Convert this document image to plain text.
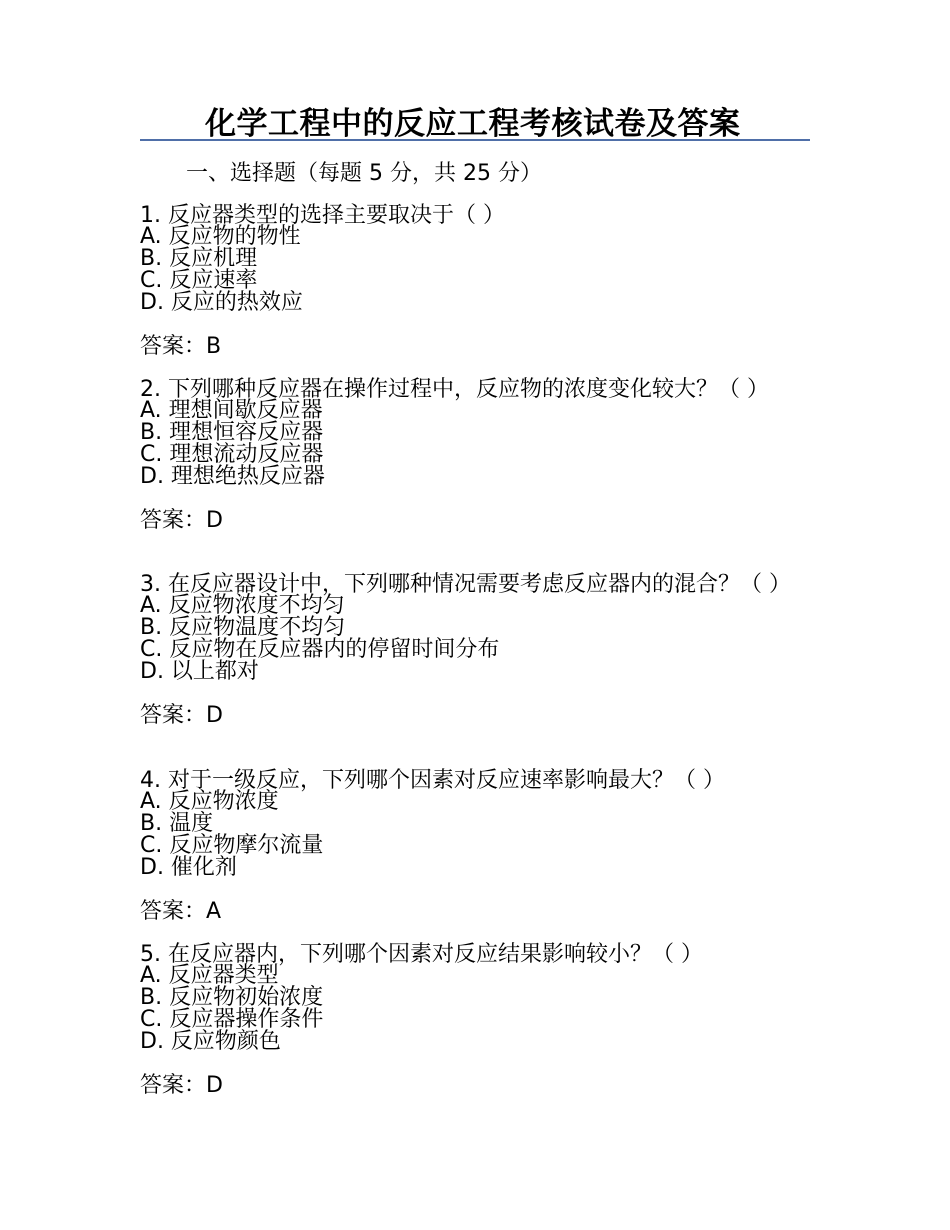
化学工程中的反应工程考核试卷及答案
一、选择题（每题 5 分，共 25 分）
1. 反应器类型的选择主要取决于（ ）
A. 反应物的物性
B. 反应机理
C. 反应速率
D. 反应的热效应
答案：B
2. 下列哪种反应器在操作过程中，反应物的浓度变化较大？（ ）
A. 理想间歇反应器
B. 理想恒容反应器
C. 理想流动反应器
D. 理想绝热反应器
答案：D
3. 在反应器设计中，下列哪种情况需要考虑反应器内的混合？（ ）
A. 反应物浓度不均匀
B. 反应物温度不均匀
C. 反应物在反应器内的停留时间分布
D. 以上都对
答案：D
4. 对于一级反应，下列哪个因素对反应速率影响最大？（ ）
A. 反应物浓度
B. 温度
C. 反应物摩尔流量
D. 催化剂
答案：A
5. 在反应器内，下列哪个因素对反应结果影响较小？（ ）
A. 反应器类型
B. 反应物初始浓度
C. 反应器操作条件
D. 反应物颜色
答案：D
